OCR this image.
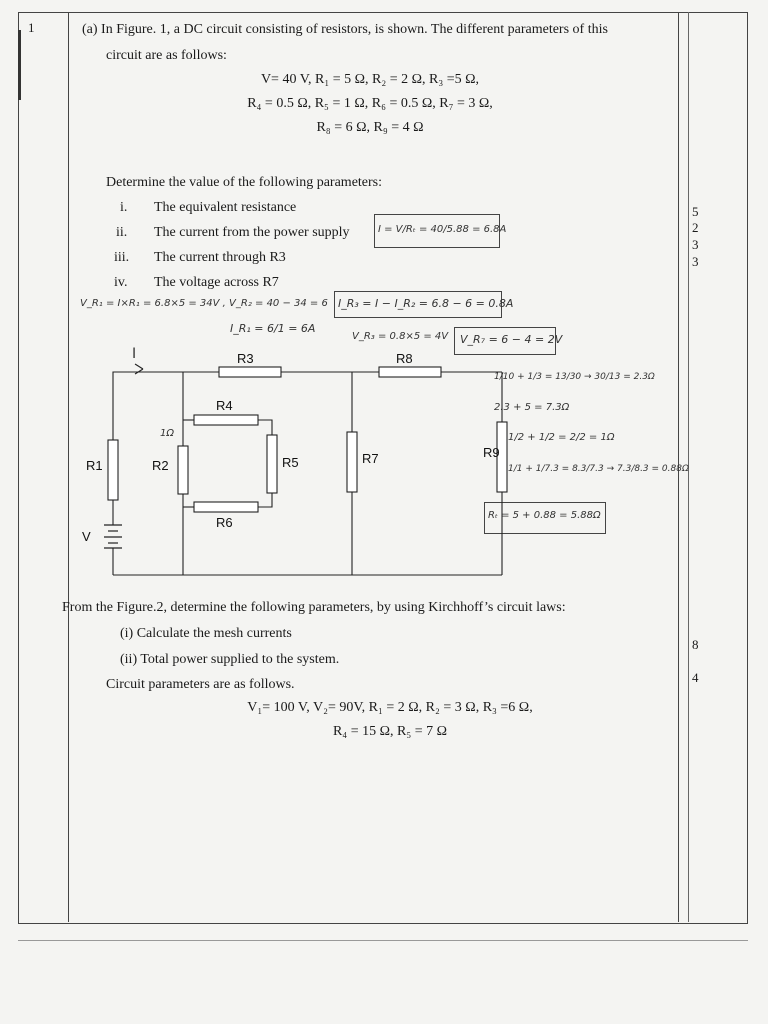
1	(a) In Figure. 1, a DC circuit consisting of resistors, is shown. The different parameters of this
circuit are as follows:
V= 40 V, R₁ = 5 Ω, R₂ = 2 Ω, R₃ =5 Ω,
R₄ = 0.5 Ω, R₅ = 1 Ω, R₆ = 0.5 Ω, R₇ = 3 Ω,
R₈ = 6 Ω, R₉ = 4 Ω
Determine the value of the following parameters:
i. The equivalent resistance
ii. The current from the power supply
iii. The current through R3
iv. The voltage across R7
5
2
3
3
I = V/Rₜ = 40/5.88 = 6.8A
I_R₃ = I − I_R₂ = 6.8 − 6 = 0.8A
V_R₁ = I×R₁ = 6.8×5 = 34V , V_R₂ = 40 − 34 = 6
I_R₁ = 6/1 = 6A
V_R₃ = 0.8×5 = 4V V_R₇ = 6 − 4 = 2V
1/10 + 1/3 = 13/30 → 30/13 = 2.3Ω
2.3 + 5 = 7.3Ω
1/2 + 1/2 = 2/2 = 1Ω
1/1 + 1/7.3 = 8.3/7.3 → 7.3/8.3 = 0.88Ω
Rₜ = 5 + 0.88 = 5.88Ω
I
1Ω
R1	R2
R3
R4
R5
R6
R7
R8
R9
V
From the Figure.2, determine the following parameters, by using Kirchhoff’s circuit laws:
(i) Calculate the mesh currents
(ii) Total power supplied to the system.
Circuit parameters are as follows.
V₁= 100 V, V₂= 90V, R₁ = 2 Ω, R₂ = 3 Ω, R₃ =6 Ω,
R₄ = 15 Ω, R₅ = 7 Ω
8
4
